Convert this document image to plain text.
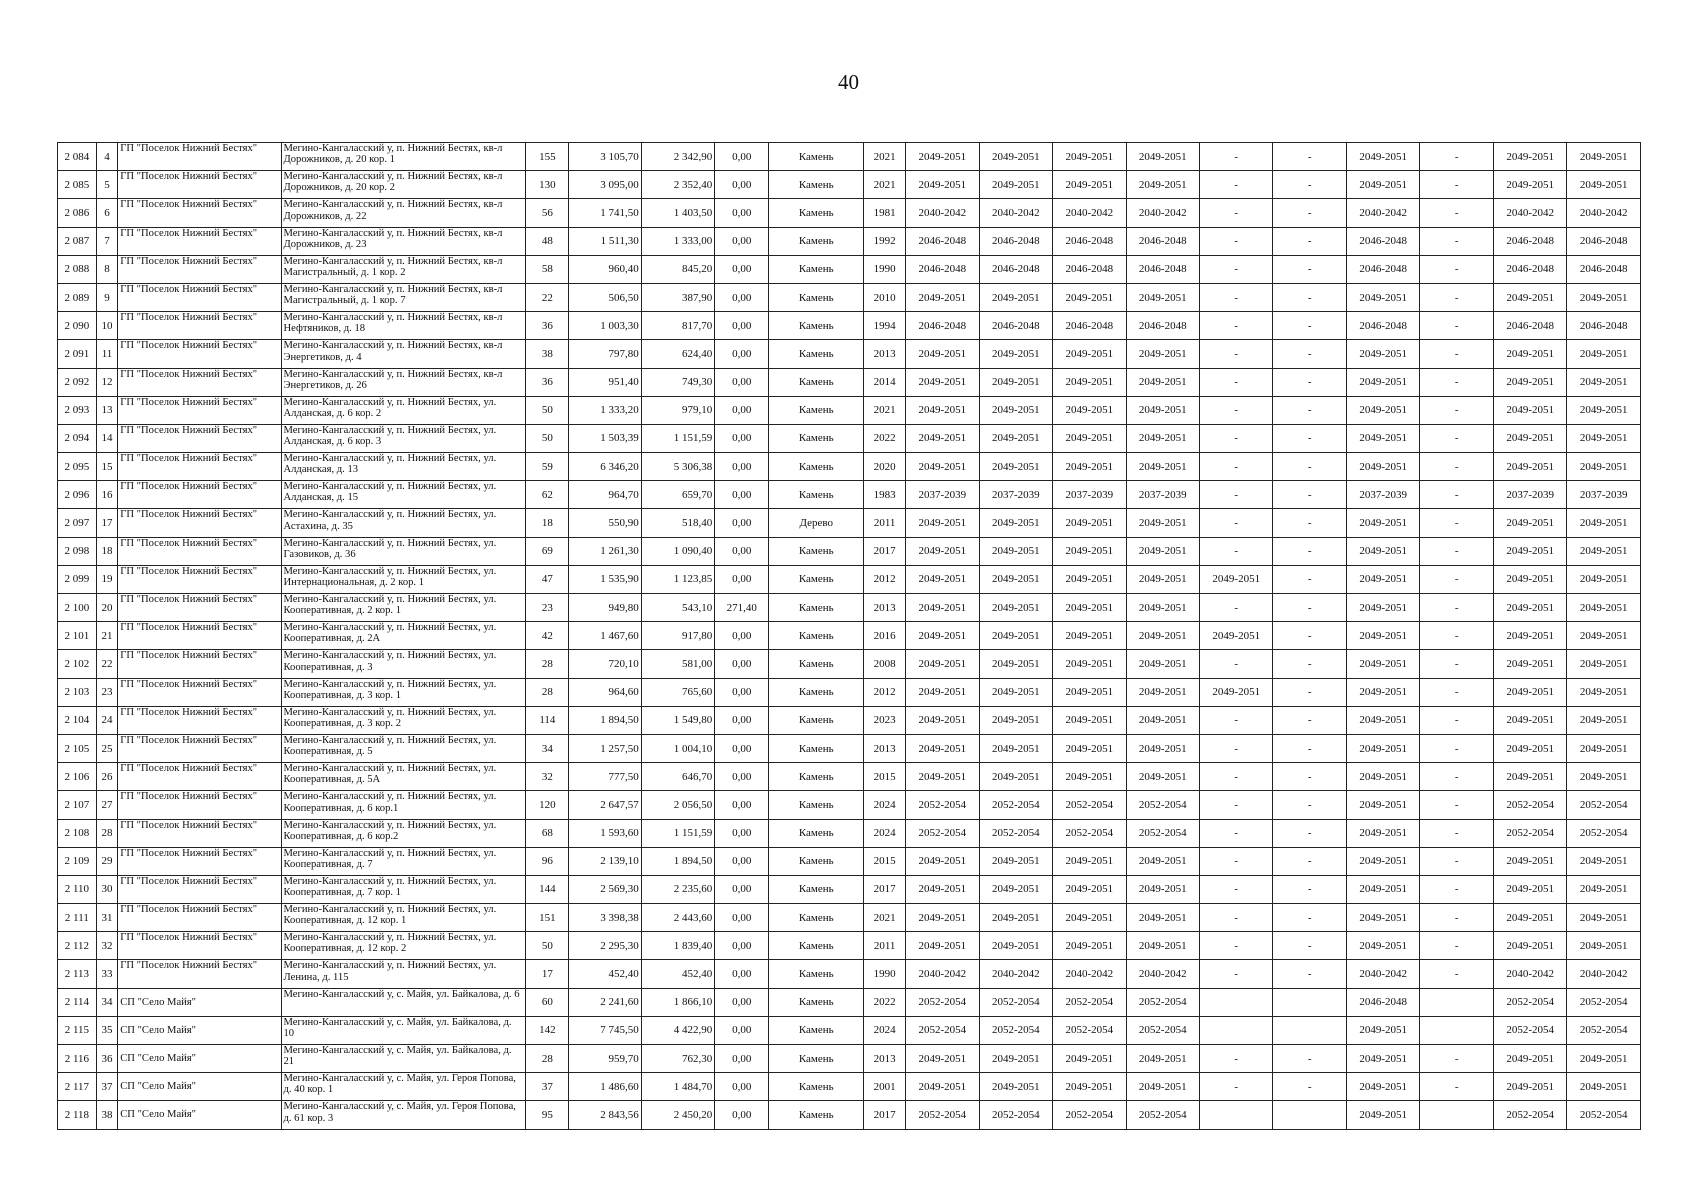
40
2 084	4	ГП "Поселок Нижний Бестях"	Мегино-Кангаласский у, п. Нижний Бестях, кв-л Дорожников, д. 20 кор. 1	155	3 105,70	2 342,90	0,00	Камень	2021	2049-2051	2049-2051	2049-2051	2049-2051	-	-	2049-2051	-	2049-2051	2049-2051
2 085	5	ГП "Поселок Нижний Бестях"	Мегино-Кангаласский у, п. Нижний Бестях, кв-л Дорожников, д. 20 кор. 2	130	3 095,00	2 352,40	0,00	Камень	2021	2049-2051	2049-2051	2049-2051	2049-2051	-	-	2049-2051	-	2049-2051	2049-2051
2 086	6	ГП "Поселок Нижний Бестях"	Мегино-Кангаласский у, п. Нижний Бестях, кв-л Дорожников, д. 22	56	1 741,50	1 403,50	0,00	Камень	1981	2040-2042	2040-2042	2040-2042	2040-2042	-	-	2040-2042	-	2040-2042	2040-2042
2 087	7	ГП "Поселок Нижний Бестях"	Мегино-Кангаласский у, п. Нижний Бестях, кв-л Дорожников, д. 23	48	1 511,30	1 333,00	0,00	Камень	1992	2046-2048	2046-2048	2046-2048	2046-2048	-	-	2046-2048	-	2046-2048	2046-2048
2 088	8	ГП "Поселок Нижний Бестях"	Мегино-Кангаласский у, п. Нижний Бестях, кв-л Магистральный, д. 1 кор. 2	58	960,40	845,20	0,00	Камень	1990	2046-2048	2046-2048	2046-2048	2046-2048	-	-	2046-2048	-	2046-2048	2046-2048
2 089	9	ГП "Поселок Нижний Бестях"	Мегино-Кангаласский у, п. Нижний Бестях, кв-л Магистральный, д. 1 кор. 7	22	506,50	387,90	0,00	Камень	2010	2049-2051	2049-2051	2049-2051	2049-2051	-	-	2049-2051	-	2049-2051	2049-2051
2 090	10	ГП "Поселок Нижний Бестях"	Мегино-Кангаласский у, п. Нижний Бестях, кв-л Нефтяников, д. 18	36	1 003,30	817,70	0,00	Камень	1994	2046-2048	2046-2048	2046-2048	2046-2048	-	-	2046-2048	-	2046-2048	2046-2048
2 091	11	ГП "Поселок Нижний Бестях"	Мегино-Кангаласский у, п. Нижний Бестях, кв-л Энергетиков, д. 4	38	797,80	624,40	0,00	Камень	2013	2049-2051	2049-2051	2049-2051	2049-2051	-	-	2049-2051	-	2049-2051	2049-2051
2 092	12	ГП "Поселок Нижний Бестях"	Мегино-Кангаласский у, п. Нижний Бестях, кв-л Энергетиков, д. 26	36	951,40	749,30	0,00	Камень	2014	2049-2051	2049-2051	2049-2051	2049-2051	-	-	2049-2051	-	2049-2051	2049-2051
2 093	13	ГП "Поселок Нижний Бестях"	Мегино-Кангаласский у, п. Нижний Бестях, ул. Алданская, д. 6 кор. 2	50	1 333,20	979,10	0,00	Камень	2021	2049-2051	2049-2051	2049-2051	2049-2051	-	-	2049-2051	-	2049-2051	2049-2051
2 094	14	ГП "Поселок Нижний Бестях"	Мегино-Кангаласский у, п. Нижний Бестях, ул. Алданская, д. 6 кор. 3	50	1 503,39	1 151,59	0,00	Камень	2022	2049-2051	2049-2051	2049-2051	2049-2051	-	-	2049-2051	-	2049-2051	2049-2051
2 095	15	ГП "Поселок Нижний Бестях"	Мегино-Кангаласский у, п. Нижний Бестях, ул. Алданская, д. 13	59	6 346,20	5 306,38	0,00	Камень	2020	2049-2051	2049-2051	2049-2051	2049-2051	-	-	2049-2051	-	2049-2051	2049-2051
2 096	16	ГП "Поселок Нижний Бестях"	Мегино-Кангаласский у, п. Нижний Бестях, ул. Алданская, д. 15	62	964,70	659,70	0,00	Камень	1983	2037-2039	2037-2039	2037-2039	2037-2039	-	-	2037-2039	-	2037-2039	2037-2039
2 097	17	ГП "Поселок Нижний Бестях"	Мегино-Кангаласский у, п. Нижний Бестях, ул. Астахина, д. 35	18	550,90	518,40	0,00	Дерево	2011	2049-2051	2049-2051	2049-2051	2049-2051	-	-	2049-2051	-	2049-2051	2049-2051
2 098	18	ГП "Поселок Нижний Бестях"	Мегино-Кангаласский у, п. Нижний Бестях, ул. Газовиков, д. 36	69	1 261,30	1 090,40	0,00	Камень	2017	2049-2051	2049-2051	2049-2051	2049-2051	-	-	2049-2051	-	2049-2051	2049-2051
2 099	19	ГП "Поселок Нижний Бестях"	Мегино-Кангаласский у, п. Нижний Бестях, ул. Интернациональная, д. 2 кор. 1	47	1 535,90	1 123,85	0,00	Камень	2012	2049-2051	2049-2051	2049-2051	2049-2051	2049-2051	-	2049-2051	-	2049-2051	2049-2051
2 100	20	ГП "Поселок Нижний Бестях"	Мегино-Кангаласский у, п. Нижний Бестях, ул. Кооперативная, д. 2 кор. 1	23	949,80	543,10	271,40	Камень	2013	2049-2051	2049-2051	2049-2051	2049-2051	-	-	2049-2051	-	2049-2051	2049-2051
2 101	21	ГП "Поселок Нижний Бестях"	Мегино-Кангаласский у, п. Нижний Бестях, ул. Кооперативная, д. 2А	42	1 467,60	917,80	0,00	Камень	2016	2049-2051	2049-2051	2049-2051	2049-2051	2049-2051	-	2049-2051	-	2049-2051	2049-2051
2 102	22	ГП "Поселок Нижний Бестях"	Мегино-Кангаласский у, п. Нижний Бестях, ул. Кооперативная, д. 3	28	720,10	581,00	0,00	Камень	2008	2049-2051	2049-2051	2049-2051	2049-2051	-	-	2049-2051	-	2049-2051	2049-2051
2 103	23	ГП "Поселок Нижний Бестях"	Мегино-Кангаласский у, п. Нижний Бестях, ул. Кооперативная, д. 3 кор. 1	28	964,60	765,60	0,00	Камень	2012	2049-2051	2049-2051	2049-2051	2049-2051	2049-2051	-	2049-2051	-	2049-2051	2049-2051
2 104	24	ГП "Поселок Нижний Бестях"	Мегино-Кангаласский у, п. Нижний Бестях, ул. Кооперативная, д. 3 кор. 2	114	1 894,50	1 549,80	0,00	Камень	2023	2049-2051	2049-2051	2049-2051	2049-2051	-	-	2049-2051	-	2049-2051	2049-2051
2 105	25	ГП "Поселок Нижний Бестях"	Мегино-Кангаласский у, п. Нижний Бестях, ул. Кооперативная, д. 5	34	1 257,50	1 004,10	0,00	Камень	2013	2049-2051	2049-2051	2049-2051	2049-2051	-	-	2049-2051	-	2049-2051	2049-2051
2 106	26	ГП "Поселок Нижний Бестях"	Мегино-Кангаласский у, п. Нижний Бестях, ул. Кооперативная, д. 5А	32	777,50	646,70	0,00	Камень	2015	2049-2051	2049-2051	2049-2051	2049-2051	-	-	2049-2051	-	2049-2051	2049-2051
2 107	27	ГП "Поселок Нижний Бестях"	Мегино-Кангаласский у, п. Нижний Бестях, ул. Кооперативная, д. 6 кор.1	120	2 647,57	2 056,50	0,00	Камень	2024	2052-2054	2052-2054	2052-2054	2052-2054	-	-	2049-2051	-	2052-2054	2052-2054
2 108	28	ГП "Поселок Нижний Бестях"	Мегино-Кангаласский у, п. Нижний Бестях, ул. Кооперативная, д. 6 кор.2	68	1 593,60	1 151,59	0,00	Камень	2024	2052-2054	2052-2054	2052-2054	2052-2054	-	-	2049-2051	-	2052-2054	2052-2054
2 109	29	ГП "Поселок Нижний Бестях"	Мегино-Кангаласский у, п. Нижний Бестях, ул. Кооперативная, д. 7	96	2 139,10	1 894,50	0,00	Камень	2015	2049-2051	2049-2051	2049-2051	2049-2051	-	-	2049-2051	-	2049-2051	2049-2051
2 110	30	ГП "Поселок Нижний Бестях"	Мегино-Кангаласский у, п. Нижний Бестях, ул. Кооперативная, д. 7 кор. 1	144	2 569,30	2 235,60	0,00	Камень	2017	2049-2051	2049-2051	2049-2051	2049-2051	-	-	2049-2051	-	2049-2051	2049-2051
2 111	31	ГП "Поселок Нижний Бестях"	Мегино-Кангаласский у, п. Нижний Бестях, ул. Кооперативная, д. 12 кор. 1	151	3 398,38	2 443,60	0,00	Камень	2021	2049-2051	2049-2051	2049-2051	2049-2051	-	-	2049-2051	-	2049-2051	2049-2051
2 112	32	ГП "Поселок Нижний Бестях"	Мегино-Кангаласский у, п. Нижний Бестях, ул. Кооперативная, д. 12 кор. 2	50	2 295,30	1 839,40	0,00	Камень	2011	2049-2051	2049-2051	2049-2051	2049-2051	-	-	2049-2051	-	2049-2051	2049-2051
2 113	33	ГП "Поселок Нижний Бестях"	Мегино-Кангаласский у, п. Нижний Бестях, ул. Ленина, д. 115	17	452,40	452,40	0,00	Камень	1990	2040-2042	2040-2042	2040-2042	2040-2042	-	-	2040-2042	-	2040-2042	2040-2042
2 114	34	СП "Село Майя"	Мегино-Кангаласский у, с. Майя, ул. Байкалова, д. 6	60	2 241,60	1 866,10	0,00	Камень	2022	2052-2054	2052-2054	2052-2054	2052-2054			2046-2048		2052-2054	2052-2054
2 115	35	СП "Село Майя"	Мегино-Кангаласский у, с. Майя, ул. Байкалова, д. 10	142	7 745,50	4 422,90	0,00	Камень	2024	2052-2054	2052-2054	2052-2054	2052-2054			2049-2051		2052-2054	2052-2054
2 116	36	СП "Село Майя"	Мегино-Кангаласский у, с. Майя, ул. Байкалова, д. 21	28	959,70	762,30	0,00	Камень	2013	2049-2051	2049-2051	2049-2051	2049-2051	-	-	2049-2051	-	2049-2051	2049-2051
2 117	37	СП "Село Майя"	Мегино-Кангаласский у, с. Майя, ул. Героя Попова, д. 40 кор. 1	37	1 486,60	1 484,70	0,00	Камень	2001	2049-2051	2049-2051	2049-2051	2049-2051	-	-	2049-2051	-	2049-2051	2049-2051
2 118	38	СП "Село Майя"	Мегино-Кангаласский у, с. Майя, ул. Героя Попова, д. 61 кор. 3	95	2 843,56	2 450,20	0,00	Камень	2017	2052-2054	2052-2054	2052-2054	2052-2054			2049-2051		2052-2054	2052-2054
